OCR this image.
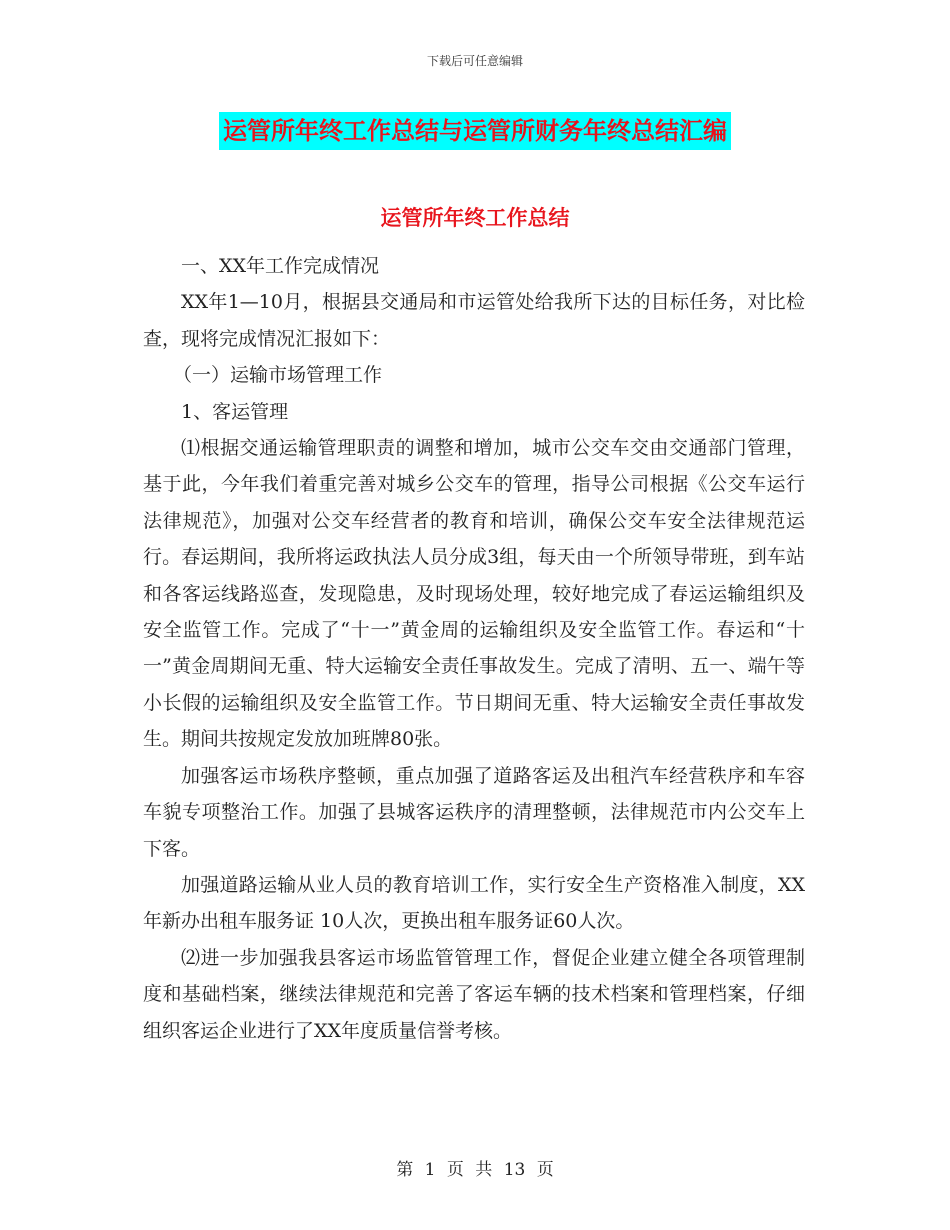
下载后可任意编辑
运管所年终工作总结与运管所财务年终总结汇编
运管所年终工作总结

一、XX年工作完成情况

XX年1—10月，根据县交通局和市运管处给我所下达的目标任务，对比检查，现将完成情况汇报如下：

（一）运输市场管理工作

1、客运管理

⑴根据交通运输管理职责的调整和增加，城市公交车交由交通部门管理，基于此，今年我们着重完善对城乡公交车的管理，指导公司根据《公交车运行法律规范》，加强对公交车经营者的教育和培训，确保公交车安全法律规范运行。春运期间，我所将运政执法人员分成3组，每天由一个所领导带班，到车站和各客运线路巡查，发现隐患，及时现场处理，较好地完成了春运运输组织及安全监管工作。完成了“十一”黄金周的运输组织及安全监管工作。春运和“十一”黄金周期间无重、特大运输安全责任事故发生。完成了清明、五一、端午等小长假的运输组织及安全监管工作。节日期间无重、特大运输安全责任事故发生。期间共按规定发放加班牌80张。

加强客运市场秩序整顿，重点加强了道路客运及出租汽车经营秩序和车容车貌专项整治工作。加强了县城客运秩序的清理整顿，法律规范市内公交车上下客。

加强道路运输从业人员的教育培训工作，实行安全生产资格准入制度，XX年新办出租车服务证 10人次，更换出租车服务证60人次。

⑵进一步加强我县客运市场监管管理工作，督促企业建立健全各项管理制度和基础档案，继续法律规范和完善了客运车辆的技术档案和管理档案，仔细组织客运企业进行了XX年度质量信誉考核。

第 1 页 共 13 页
